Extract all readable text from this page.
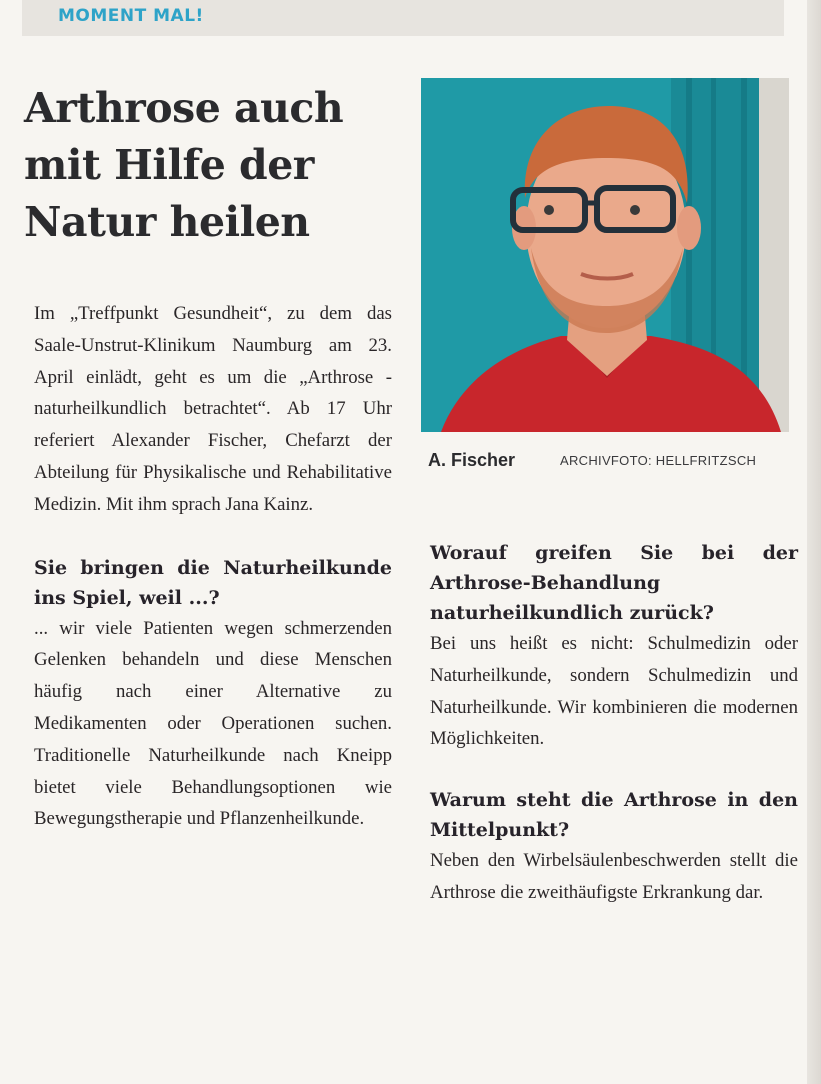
MOMENT MAL!
Arthrose auch mit Hilfe der Natur heilen

Im „Treffpunkt Gesundheit“, zu dem das Saale-Unstrut-Klinikum Naumburg am 23. April einlädt, geht es um die „Arthrose - naturheilkundlich betrachtet“. Ab 17 Uhr referiert Alexander Fischer, Chefarzt der Abteilung für Physikalische und Rehabilitative Medizin. Mit ihm sprach Jana Kainz.

Sie bringen die Naturheilkunde ins Spiel, weil ...?

... wir viele Patienten wegen schmerzenden Gelenken behandeln und diese Menschen häufig nach einer Alternative zu Medikamenten oder Operationen suchen. Traditionelle Naturheilkunde nach Kneipp bietet viele Behandlungsoptionen wie Bewegungstherapie und Pflanzenheilkunde.

A. Fischer	ARCHIVFOTO: HELLFRITZSCH

Worauf greifen Sie bei der Arthrose-Behandlung naturheilkundlich zurück?

Bei uns heißt es nicht: Schulmedizin oder Naturheilkunde, sondern Schulmedizin und Naturheilkunde. Wir kombinieren die modernen Möglichkeiten.

Warum steht die Arthrose in den Mittelpunkt?

Neben den Wirbelsäulenbeschwerden stellt die Arthrose die zweithäufigste Erkrankung dar.
